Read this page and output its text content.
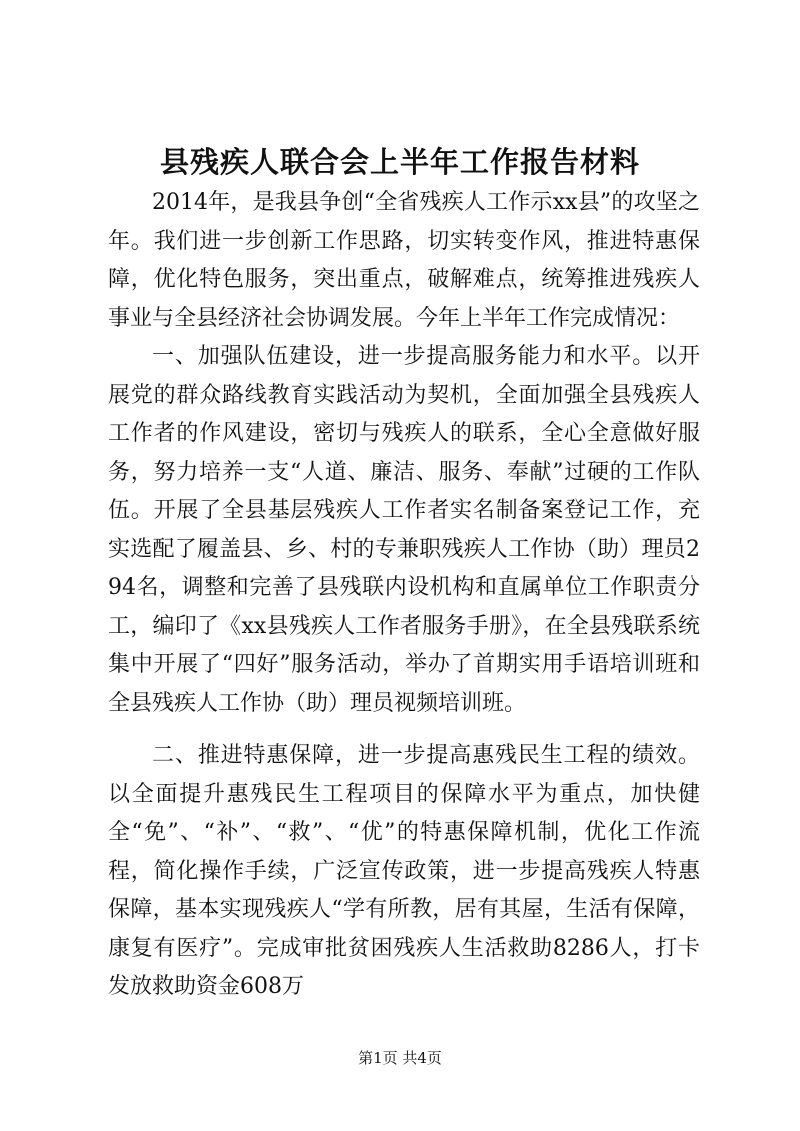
县残疾人联合会上半年工作报告材料

2014年，是我县争创“全省残疾人工作示xx县”的攻坚之年。我们进一步创新工作思路，切实转变作风，推进特惠保障，优化特色服务，突出重点，破解难点，统筹推进残疾人事业与全县经济社会协调发展。今年上半年工作完成情况：

一、加强队伍建设，进一步提高服务能力和水平。以开展党的群众路线教育实践活动为契机，全面加强全县残疾人工作者的作风建设，密切与残疾人的联系，全心全意做好服务，努力培养一支“人道、廉洁、服务、奉献”过硬的工作队伍。开展了全县基层残疾人工作者实名制备案登记工作，充实选配了履盖县、乡、村的专兼职残疾人工作协（助）理员294名，调整和完善了县残联内设机构和直属单位工作职责分工，编印了《xx县残疾人工作者服务手册》，在全县残联系统集中开展了“四好”服务活动，举办了首期实用手语培训班和全县残疾人工作协（助）理员视频培训班。

二、推进特惠保障，进一步提高惠残民生工程的绩效。以全面提升惠残民生工程项目的保障水平为重点，加快健全“免”、“补”、“救”、“优”的特惠保障机制，优化工作流程，简化操作手续，广泛宣传政策，进一步提高残疾人特惠保障，基本实现残疾人“学有所教，居有其屋，生活有保障，康复有医疗”。完成审批贫困残疾人生活救助8286人，打卡发放救助资金608万

第1页 共4页
